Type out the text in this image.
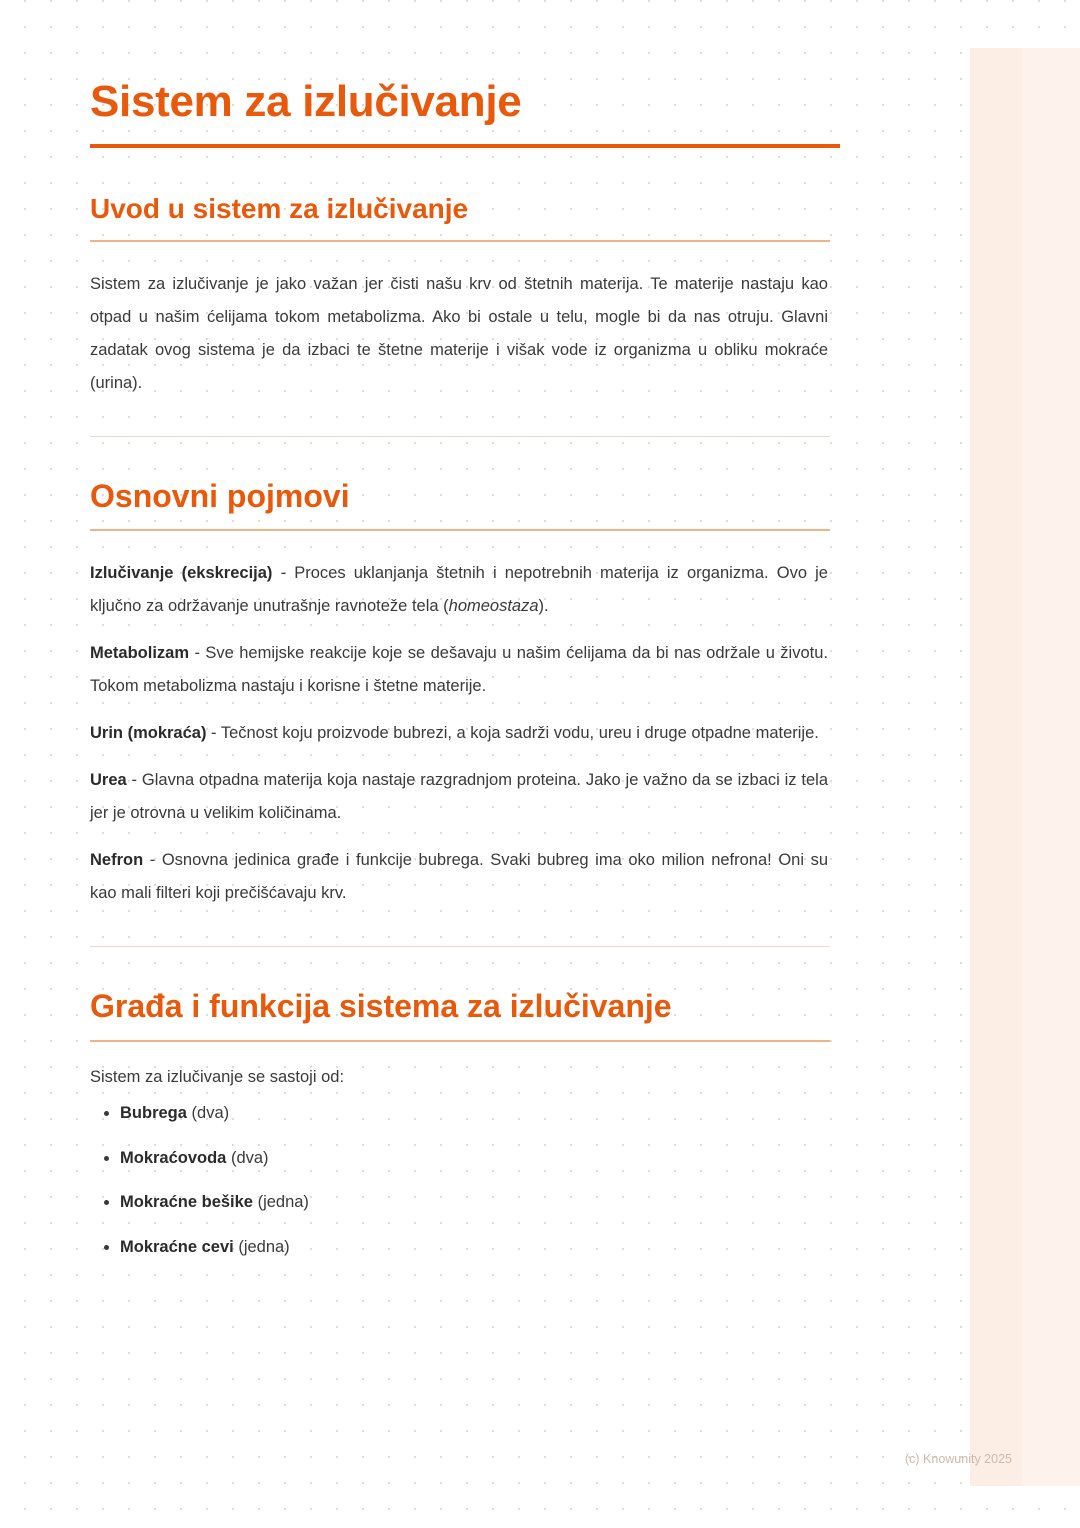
Sistem za izlučivanje
Uvod u sistem za izlučivanje

Sistem za izlučivanje je jako važan jer čisti našu krv od štetnih materija. Te materije nastaju kao otpad u našim ćelijama tokom metabolizma. Ako bi ostale u telu, mogle bi da nas otruju. Glavni zadatak ovog sistema je da izbaci te štetne materije i višak vode iz organizma u obliku mokraće (urina).

Osnovni pojmovi

Izlučivanje (ekskrecija) - Proces uklanjanja štetnih i nepotrebnih materija iz organizma. Ovo je ključno za održavanje unutrašnje ravnoteže tela (homeostaza).

Metabolizam - Sve hemijske reakcije koje se dešavaju u našim ćelijama da bi nas održale u životu. Tokom metabolizma nastaju i korisne i štetne materije.

Urin (mokraća) - Tečnost koju proizvode bubrezi, a koja sadrži vodu, ureu i druge otpadne materije.

Urea - Glavna otpadna materija koja nastaje razgradnjom proteina. Jako je važno da se izbaci iz tela jer je otrovna u velikim količinama.

Nefron - Osnovna jedinica građe i funkcije bubrega. Svaki bubreg ima oko milion nefrona! Oni su kao mali filteri koji prečišćavaju krv.

Građa i funkcija sistema za izlučivanje

Sistem za izlučivanje se sastoji od:

• Bubrega (dva)
• Mokraćovoda (dva)
• Mokraćne bešike (jedna)
• Mokraćne cevi (jedna)
(c) Knowunity 2025
